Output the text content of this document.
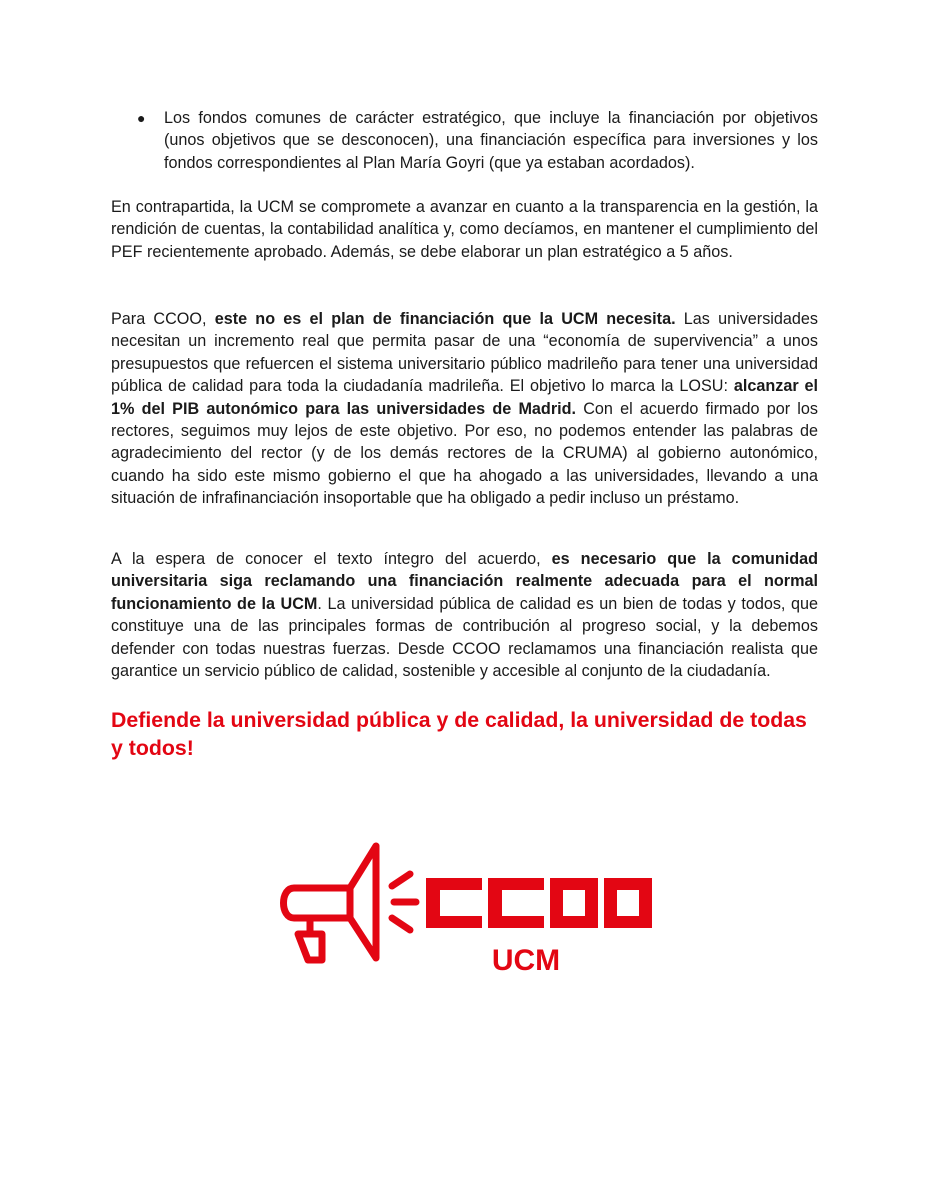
● Los fondos comunes de carácter estratégico, que incluye la financiación por objetivos (unos objetivos que se desconocen), una financiación específica para inversiones y los fondos correspondientes al Plan María Goyri (que ya estaban acordados).

En contrapartida, la UCM se compromete a avanzar en cuanto a la transparencia en la gestión, la rendición de cuentas, la contabilidad analítica y, como decíamos, en mantener el cumplimiento del PEF recientemente aprobado. Además, se debe elaborar un plan estratégico a 5 años.

Para CCOO, este no es el plan de financiación que la UCM necesita. Las universidades necesitan un incremento real que permita pasar de una “economía de supervivencia” a unos presupuestos que refuercen el sistema universitario público madrileño para tener una universidad pública de calidad para toda la ciudadanía madrileña. El objetivo lo marca la LOSU: alcanzar el 1% del PIB autonómico para las universidades de Madrid. Con el acuerdo firmado por los rectores, seguimos muy lejos de este objetivo. Por eso, no podemos entender las palabras de agradecimiento del rector (y de los demás rectores de la CRUMA) al gobierno autonómico, cuando ha sido este mismo gobierno el que ha ahogado a las universidades, llevando a una situación de infrafinanciación insoportable que ha obligado a pedir incluso un préstamo.

A la espera de conocer el texto íntegro del acuerdo, es necesario que la comunidad universitaria siga reclamando una financiación realmente adecuada para el normal funcionamiento de la UCM. La universidad pública de calidad es un bien de todas y todos, que constituye una de las principales formas de contribución al progreso social, y la debemos defender con todas nuestras fuerzas. Desde CCOO reclamamos una financiación realista que garantice un servicio público de calidad, sostenible y accesible al conjunto de la ciudadanía.

Defiende la universidad pública y de calidad, la universidad de todas y todos!

UCM
